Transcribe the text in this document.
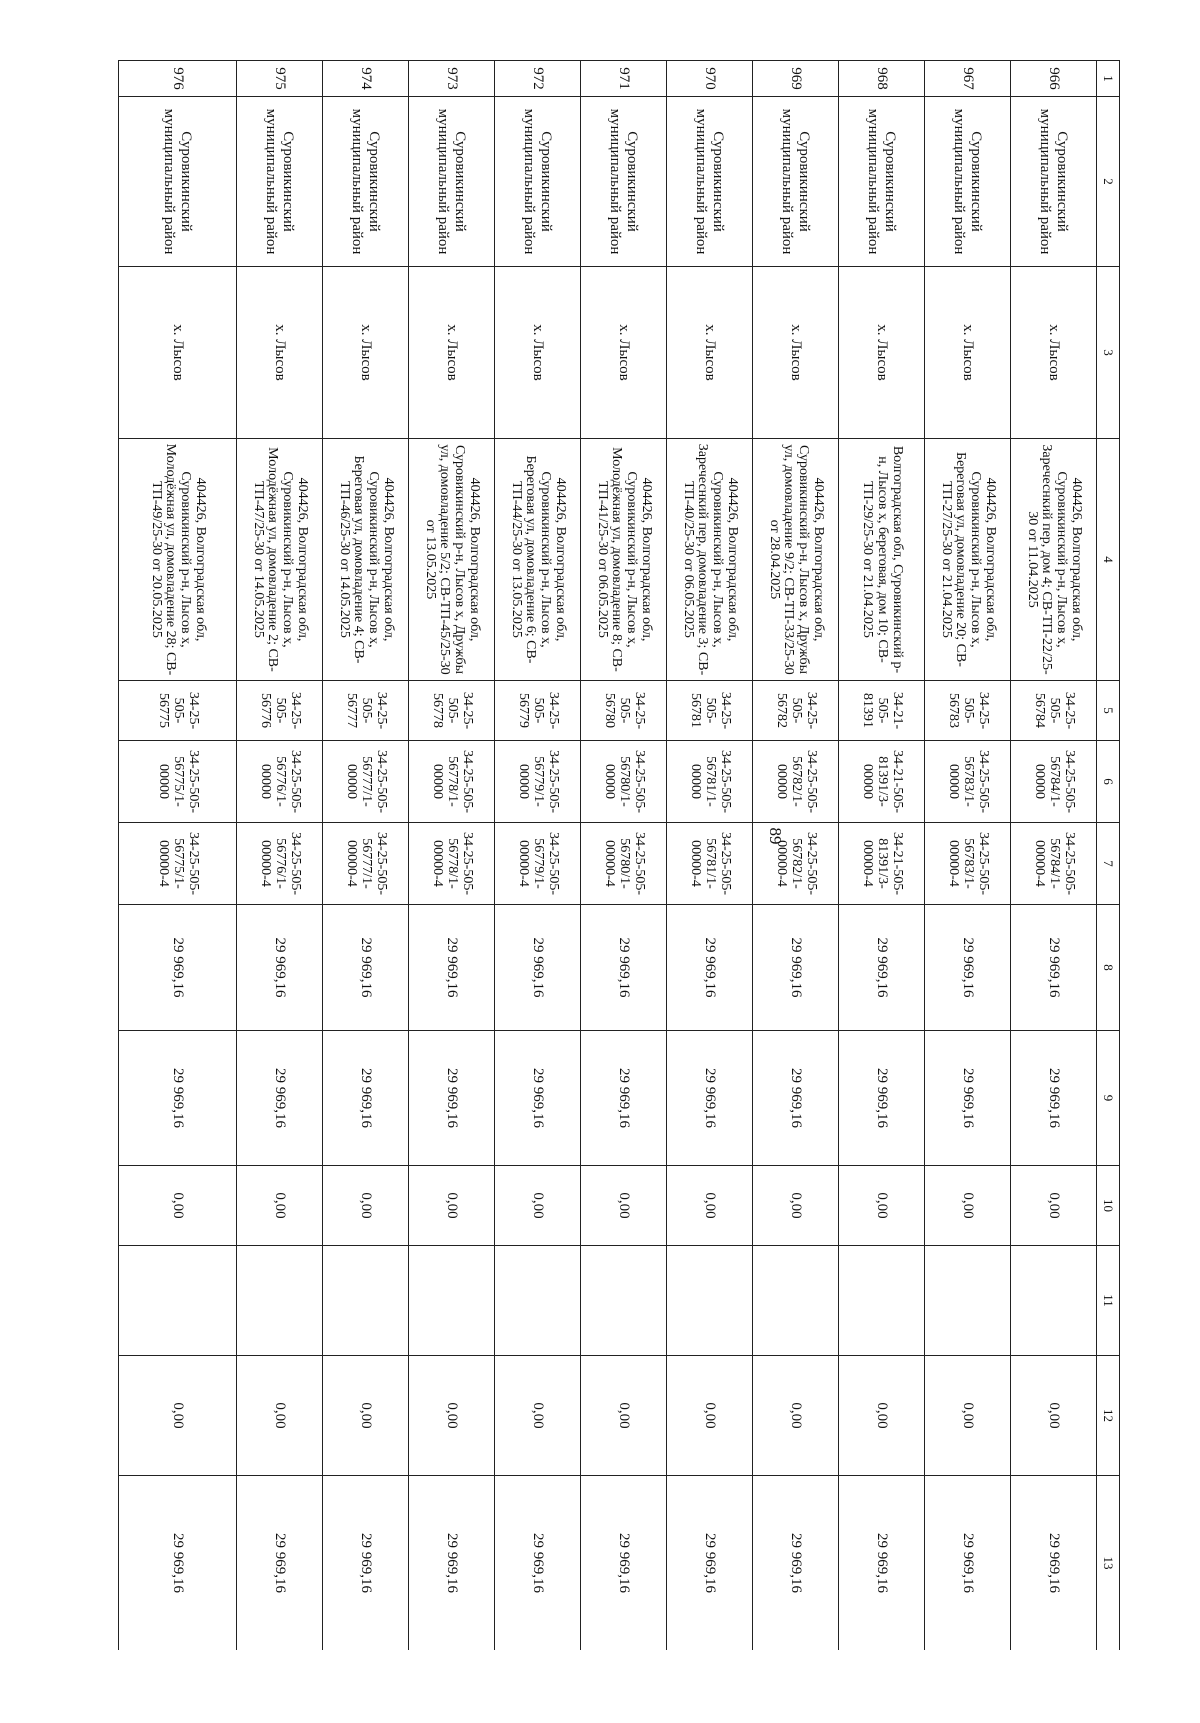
89
1	2	3	4	5	6	7	8	9	10	11	12	13
966	Суровикинский муниципальный район	х. Лысов	404426, Волгоградская обл, Суровикинский р-н, Лысов х, Заречеснкий пер, дом 4; СВ-ТП-22/25-30 от 11.04.2025	34-25-505-56784	34-25-505-56784/1-00000	34-25-505-56784/1-00000-4	29 969,16	29 969,16	0,00		0,00	29 969,16
967	Суровикинский муниципальный район	х. Лысов	404426, Волгоградская обл, Суровикинский р-н, Лысов х, Береговая ул, домовладение 20; СВ-ТП-27/25-30 от 21.04.2025	34-25-505-56783	34-25-505-56783/1-00000	34-25-505-56783/1-00000-4	29 969,16	29 969,16	0,00		0,00	29 969,16
968	Суровикинский муниципальный район	х. Лысов	Волгоградская обл, Суровикинский р-н, Лысов х, береговая, дом 10; СВ-ТП-29/25-30 от 21.04.2025	34-21-505-81391	34-21-505-81391/3-00000	34-21-505-81391/3-00000-4	29 969,16	29 969,16	0,00		0,00	29 969,16
969	Суровикинский муниципальный район	х. Лысов	404426, Волгоградская обл, Суровикинский р-н, Лысов х, Дружбы ул, домовладение 9/2; СВ-ТП-33/25-30 от 28.04.2025	34-25-505-56782	34-25-505-56782/1-00000	34-25-505-56782/1-00000-4	29 969,16	29 969,16	0,00		0,00	29 969,16
970	Суровикинский муниципальный район	х. Лысов	404426, Волгоградская обл, Суровикинский р-н, Лысов х, Заречеснкий пер, домовладение 3; СВ-ТП-40/25-30 от 06.05.2025	34-25-505-56781	34-25-505-56781/1-00000	34-25-505-56781/1-00000-4	29 969,16	29 969,16	0,00		0,00	29 969,16
971	Суровикинский муниципальный район	х. Лысов	404426, Волгоградская обл, Суровикинский р-н, Лысов х, Молодёжная ул, домовладение 8; СВ-ТП-41/25-30 от 06.05.2025	34-25-505-56780	34-25-505-56780/1-00000	34-25-505-56780/1-00000-4	29 969,16	29 969,16	0,00		0,00	29 969,16
972	Суровикинский муниципальный район	х. Лысов	404426, Волгоградская обл, Суровикинский р-н, Лысов х, Береговая ул, домовладение 6; СВ-ТП-44/25-30 от 13.05.2025	34-25-505-56779	34-25-505-56779/1-00000	34-25-505-56779/1-00000-4	29 969,16	29 969,16	0,00		0,00	29 969,16
973	Суровикинский муниципальный район	х. Лысов	404426, Волгоградская обл, Суровикинский р-н, Лысов х, Дружбы ул, домовладение 5/2; СВ-ТП-45/25-30 от 13.05.2025	34-25-505-56778	34-25-505-56778/1-00000	34-25-505-56778/1-00000-4	29 969,16	29 969,16	0,00		0,00	29 969,16
974	Суровикинский муниципальный район	х. Лысов	404426, Волгоградская обл, Суровикинский р-н, Лысов х, Береговая ул, домовладение 4; СВ-ТП-46/25-30 от 14.05.2025	34-25-505-56777	34-25-505-56777/1-00000	34-25-505-56777/1-00000-4	29 969,16	29 969,16	0,00		0,00	29 969,16
975	Суровикинский муниципальный район	х. Лысов	404426, Волгоградская обл, Суровикинский р-н, Лысов х, Молодёжная ул, домовладение 2; СВ-ТП-47/25-30 от 14.05.2025	34-25-505-56776	34-25-505-56776/1-00000	34-25-505-56776/1-00000-4	29 969,16	29 969,16	0,00		0,00	29 969,16
976	Суровикинский муниципальный район	х. Лысов	404426, Волгоградская обл, Суровикинский р-н, Лысов х, Молодёжная ул, домовладение 28; СВ-ТП-49/25-30 от 20.05.2025	34-25-505-56775	34-25-505-56775/1-00000	34-25-505-56775/1-00000-4	29 969,16	29 969,16	0,00		0,00	29 969,16
